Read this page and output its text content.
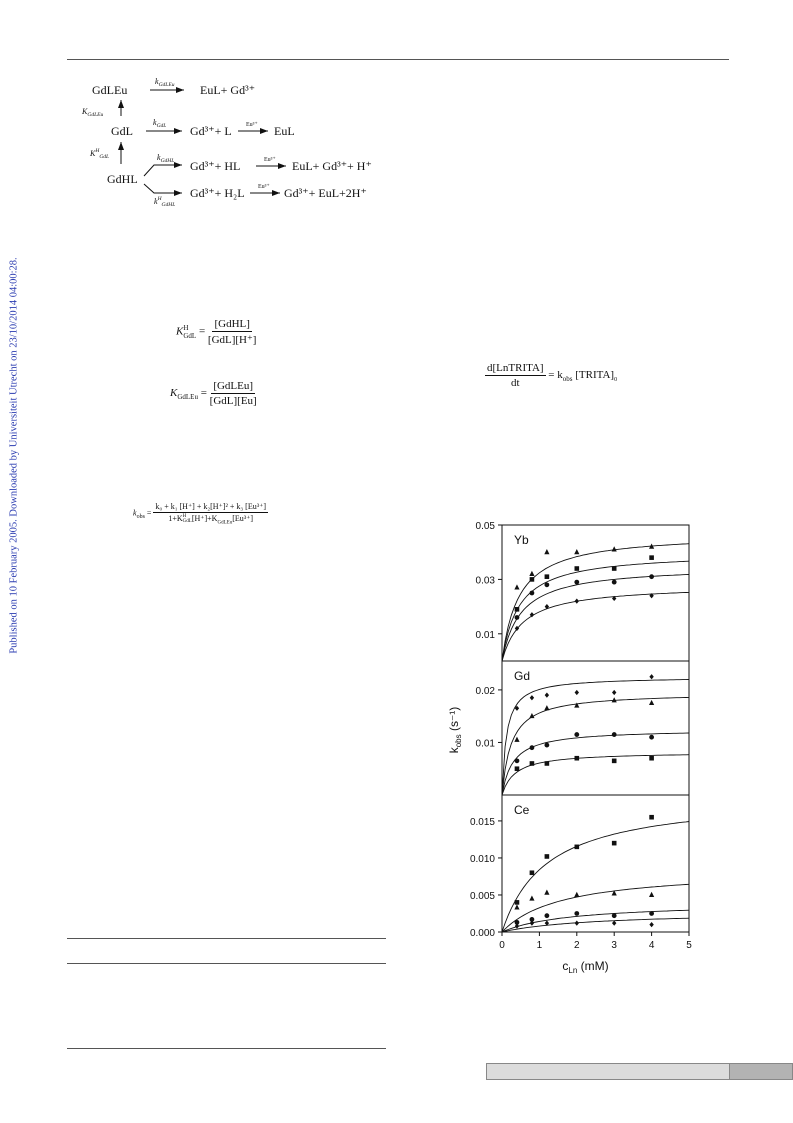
Published on 10 February 2005. Downloaded by Universiteit Utrecht on 23/10/2014 04:00:28.
GdLEu
$k_{GdLEu}$ EuL+ Gd³⁺
$K_{GdLEu}$
GdL
$k_{GdL}$ Gd³⁺+ L Eu³⁺ EuL
$K^H_{GdL}$
GdHL
$k_{GdHL}$ Gd³⁺+ HL	Eu³⁺ EuL+ Gd³⁺+ H⁺
$k^H_{GdHL}$
Gd³⁺+ H₂L Eu³⁺ Gd³⁺+ EuL+2H⁺
K H
GdL = $\frac{\text{[GdHL]}}{\text{[GdL][H⁺]}}$
$K_{GdLEu} = \frac{\text{[GdLEu]}}{\text{[GdL][Eu]}}$
$k_{obs} = k_0 + k_1$ [H⁺] + k₂[H⁺]² + k₃ [Eu³⁺]
1+K H
GdL $[H^+]+K_{GdLEu}[Eu^{3+}]$
$\frac{\text{d[LnTRITA]}}{dt} = k_{obs}$ $[TRITA]_0$
0.01
0.03
0.05
Yb
0.01
0.02
Gd
0.000
0.005
0.010
0.015
Ce
0	1	2	3	4	5
$c_{Ln}$ (mM)
$k_{obs}$ (s⁻¹)
